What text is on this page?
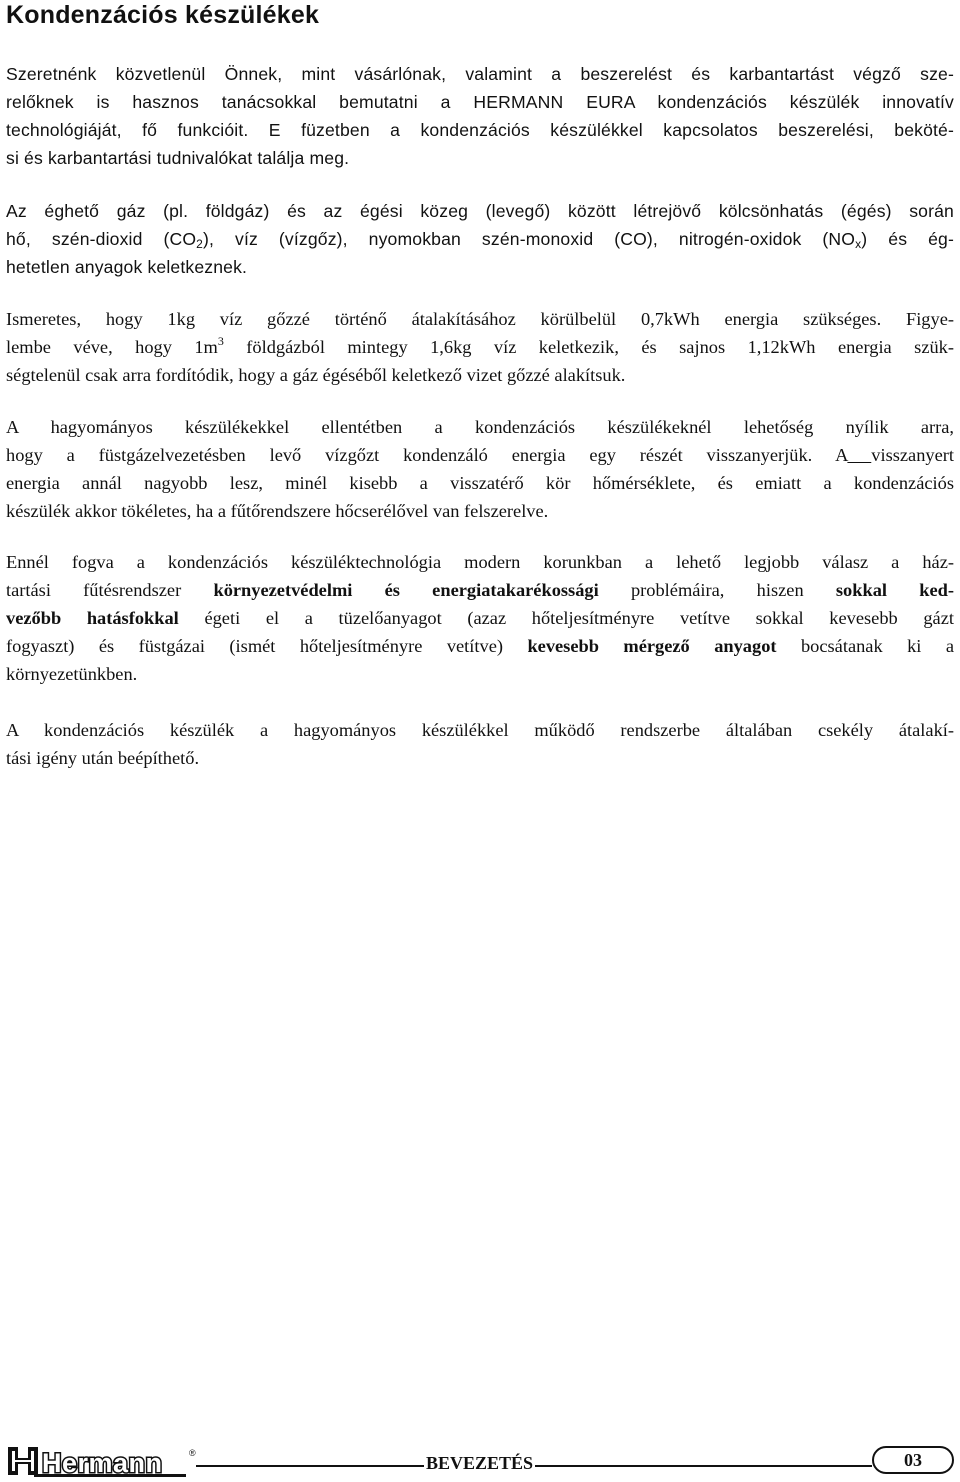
Kondenzációs készülékek
Szeretnénk közvetlenül Önnek, mint vásárlónak, valamint a beszerelést és karbantartást végző sze-
relőknek is hasznos tanácsokkal bemutatni a HERMANN EURA kondenzációs készülék innovatív
technológiáját, fő funkcióit. E füzetben a kondenzációs készülékkel kapcsolatos beszerelési, beköté-
si és karbantartási tudnivalókat találja meg.
Az éghető gáz (pl. földgáz) és az égési közeg (levegő) között létrejövő kölcsönhatás (égés) során
hő, szén-dioxid $(CO_2)$, víz (vízgőz), nyomokban szén-monoxid (CO), nitrogén-oxidok $(NO_x)$ és ég-
hetetlen anyagok keletkeznek.
Ismeretes, hogy 1kg víz gőzzé történő átalakításához körülbelül 0,7kWh energia szükséges. Figye-
lembe véve, hogy $1m^3$ földgázból mintegy 1,6kg víz keletkezik, és sajnos 1,12kWh energia szük-
ségtelenül csak arra fordítódik, hogy a gáz égéséből keletkező vizet gőzzé alakítsuk.
A hagyományos készülékekkel ellentétben a kondenzációs készülékeknél lehetőség nyílik arra,
hogy a füstgázelvezetésben levő vízgőzt kondenzáló energia egy részét visszanyerjük. A visszanyert
energia annál nagyobb lesz, minél kisebb a visszatérő kör hőmérséklete, és emiatt a kondenzációs
készülék akkor tökéletes, ha a fűtőrendszere hőcserélővel van felszerelve.
Ennél fogva a kondenzációs készüléktechnológia modern korunkban a lehető legjobb válasz a ház-
tartási fűtésrendszer környezetvédelmi és energiatakarékossági problémáira, hiszen sokkal ked-
vezőbb hatásfokkal égeti el a tüzelőanyagot (azaz hőteljesítményre vetítve sokkal kevesebb gázt
fogyaszt) és füstgázai (ismét hőteljesítményre vetítve) kevesebb mérgező anyagot bocsátanak ki a
környezetünkben.
A kondenzációs készülék a hagyományos készülékkel működő rendszerbe általában csekély átalakí-
tási igény után beépíthető.
Hermann	®	BEVEZETÉS	03
